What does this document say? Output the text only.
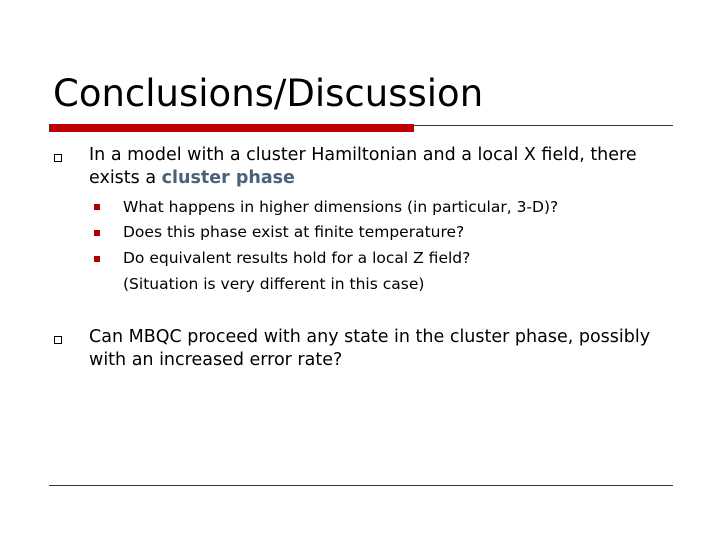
Conclusions/Discussion
In a model with a cluster Hamiltonian and a local X field, there exists a cluster phase
What happens in higher dimensions (in particular, 3-D)?
Does this phase exist at finite temperature?
Do equivalent results hold for a local Z field?
(Situation is very different in this case)
Can MBQC proceed with any state in the cluster phase, possibly with an increased error rate?
